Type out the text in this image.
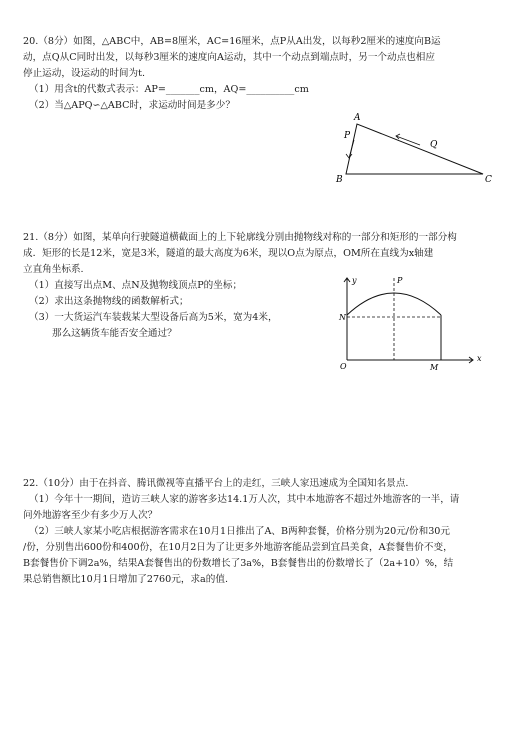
20.（8分）如图，△ABC中，AB=8厘米，AC=16厘米，点P从A出发，以每秒2厘米的速度向B运
动，点Q从C同时出发，以每秒3厘米的速度向A运动，其中一个动点到端点时，另一个动点也相应
停止运动，设运动的时间为t.
（1）用含t的代数式表示：AP=_______cm，AQ=__________cm
（2）当△APQ∽△ABC时，求运动时间是多少？
A
B	C
P
Q
21.（8分）如图，某单向行驶隧道横截面上的上下轮廓线分别由抛物线对称的一部分和矩形的一部分构
成．矩形的长是12米，宽是3米，隧道的最大高度为6米，现以O点为原点，OM所在直线为x轴建
立直角坐标系.
（1）直接写出点M、点N及抛物线顶点P的坐标；
（2）求出这条抛物线的函数解析式；
（3）一大货运汽车装载某大型设备后高为5米，宽为4米，
那么这辆货车能否安全通过？
y	P
N
x
O	M
22.（10分）由于在抖音、腾讯微视等直播平台上的走红，三峡人家迅速成为全国知名景点.
（1）今年十一期间，造访三峡人家的游客多达14.1万人次，其中本地游客不超过外地游客的一半，请
问外地游客至少有多少万人次？
（2）三峡人家某小吃店根据游客需求在10月1日推出了A、B两种套餐，价格分别为20元/份和30元
/份，分别售出600份和400份，在10月2日为了让更多外地游客能品尝到宜昌美食，A套餐售价不变，
B套餐售价下调2a%，结果A套餐售出的份数增长了3a%，B套餐售出的份数增长了（2a+10）%，结
果总销售额比10月1日增加了2760元，求a的值.
